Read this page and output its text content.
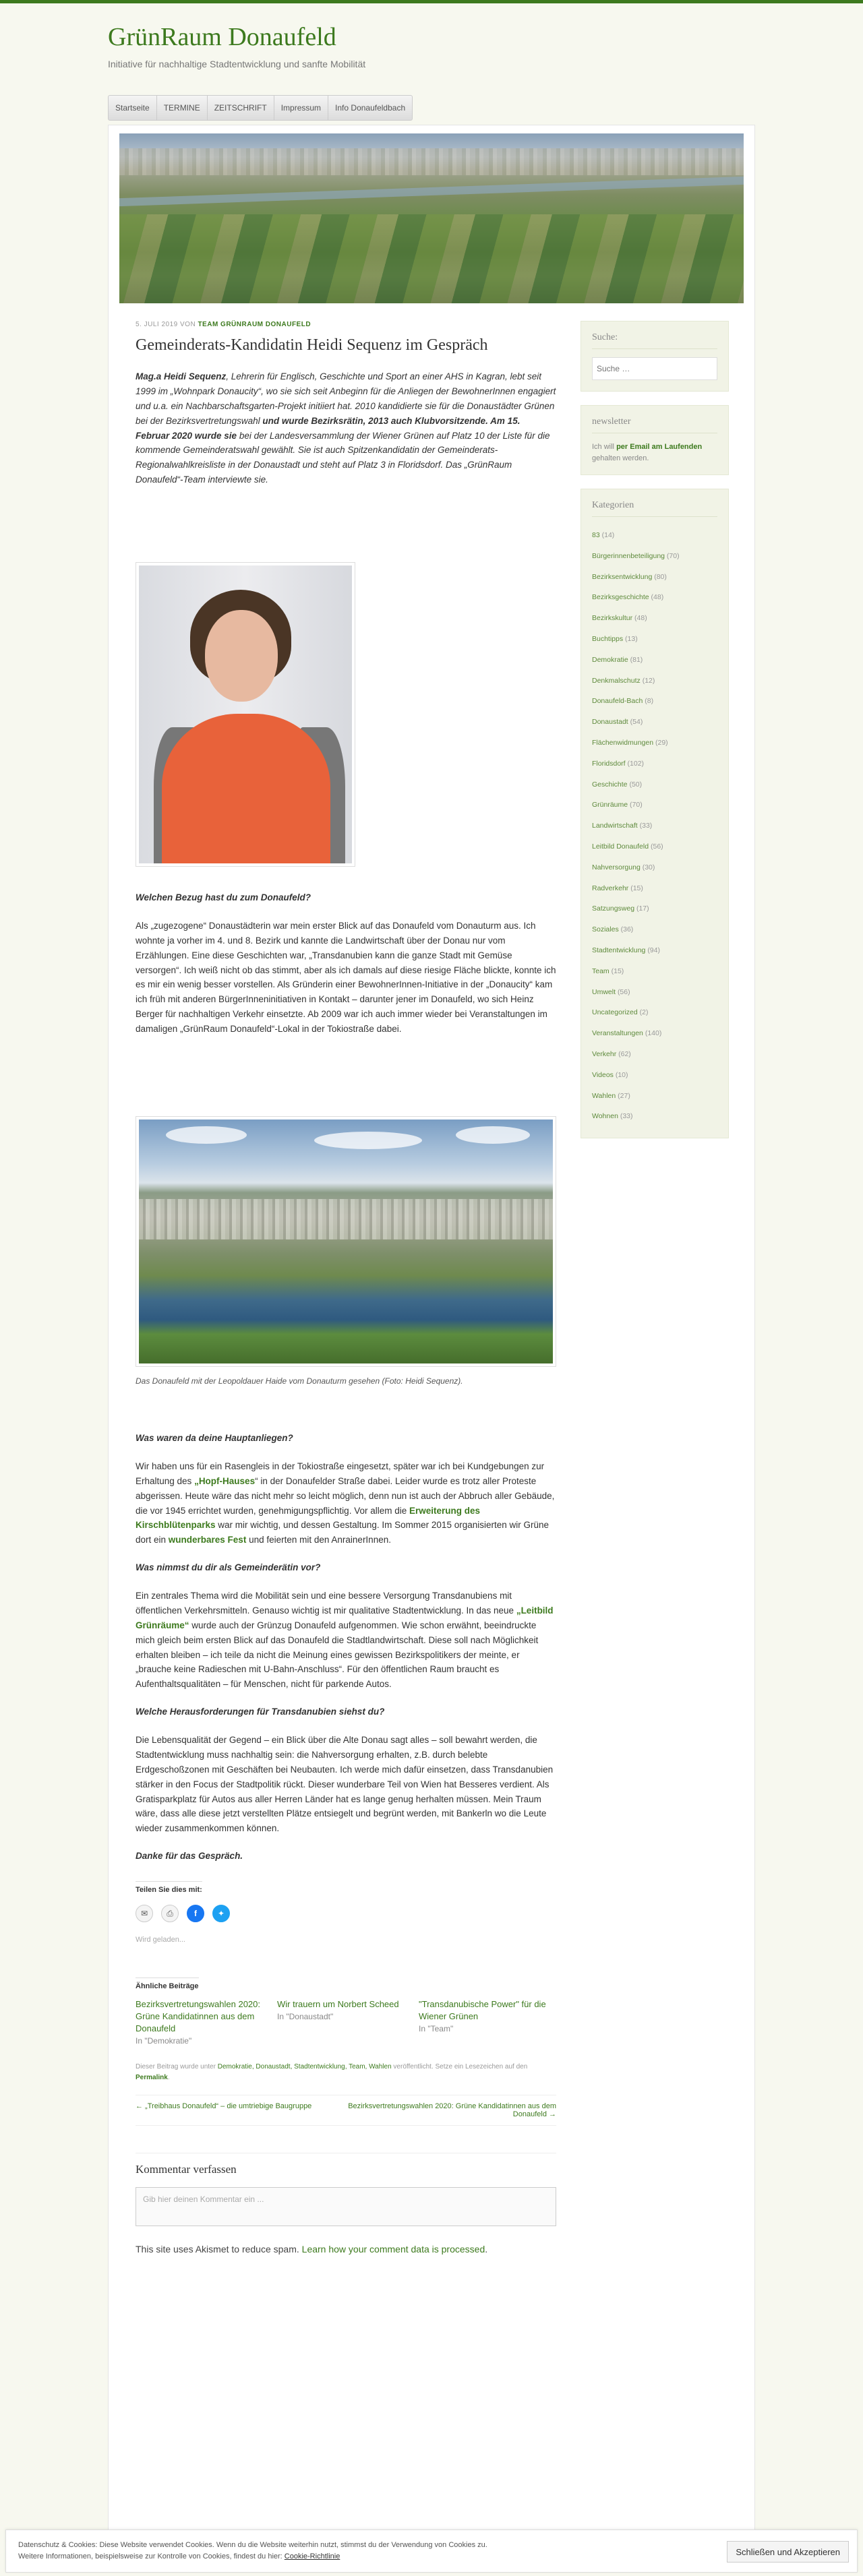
GrünRaum Donaufeld

Initiative für nachhaltige Stadtentwicklung und sanfte Mobilität

Startseite	TERMINE	ZEITSCHRIFT	Impressum	Info Donaufeldbach
5. JULI 2019 VON TEAM GRÜNRAUM DONAUFELD
Gemeinderats-Kandidatin Heidi Sequenz im Gespräch

Mag.a Heidi Sequenz, Lehrerin für Englisch, Geschichte und Sport an einer AHS in Kagran, lebt seit 1999 im „Wohnpark Donaucity“, wo sie sich seit Anbeginn für die Anliegen der BewohnerInnen engagiert und u.a. ein Nachbarschaftsgarten-Projekt initiiert hat. 2010 kandidierte sie für die Donaustädter Grünen bei der Bezirksvertretungswahl und wurde Bezirksrätin, 2013 auch Klubvorsitzende. Am 15. Februar 2020 wurde sie bei der Landesversammlung der Wiener Grünen auf Platz 10 der Liste für die kommende Gemeinderatswahl gewählt. Sie ist auch Spitzenkandidatin der Gemeinderats-Regionalwahlkreisliste in der Donaustadt und steht auf Platz 3 in Floridsdorf. Das „GrünRaum Donaufeld“-Team interviewte sie.

Welchen Bezug hast du zum Donaufeld?

Als „zugezogene“ Donaustädterin war mein erster Blick auf das Donaufeld vom Donauturm aus. Ich wohnte ja vorher im 4. und 8. Bezirk und kannte die Landwirtschaft über der Donau nur vom Erzählungen. Eine diese Geschichten war, „Transdanubien kann die ganze Stadt mit Gemüse versorgen“. Ich weiß nicht ob das stimmt, aber als ich damals auf diese riesige Fläche blickte, konnte ich es mir ein wenig besser vorstellen. Als Gründerin einer BewohnerInnen-Initiative in der „Donaucity“ kam ich früh mit anderen BürgerInneninitiativen in Kontakt – darunter jener im Donaufeld, wo sich Heinz Berger für nachhaltigen Verkehr einsetzte. Ab 2009 war ich auch immer wieder bei Veranstaltungen im damaligen „GrünRaum Donaufeld“-Lokal in der Tokiostraße dabei.

Das Donaufeld mit der Leopoldauer Haide vom Donauturm gesehen (Foto: Heidi Sequenz).

Was waren da deine Hauptanliegen?

Wir haben uns für ein Rasengleis in der Tokiostraße eingesetzt, später war ich bei Kundgebungen zur Erhaltung des „Hopf-Hauses“ in der Donaufelder Straße dabei. Leider wurde es trotz aller Proteste abgerissen. Heute wäre das nicht mehr so leicht möglich, denn nun ist auch der Abbruch aller Gebäude, die vor 1945 errichtet wurden, genehmigungspflichtig. Vor allem die Erweiterung des Kirschblütenparks war mir wichtig, und dessen Gestaltung. Im Sommer 2015 organisierten wir Grüne dort ein wunderbares Fest und feierten mit den AnrainerInnen.

Was nimmst du dir als Gemeinderätin vor?

Ein zentrales Thema wird die Mobilität sein und eine bessere Versorgung Transdanubiens mit öffentlichen Verkehrsmitteln. Genauso wichtig ist mir qualitative Stadtentwicklung. In das neue „Leitbild Grünräume“ wurde auch der Grünzug Donaufeld aufgenommen. Wie schon erwähnt, beeindruckte mich gleich beim ersten Blick auf das Donaufeld die Stadtlandwirtschaft. Diese soll nach Möglichkeit erhalten bleiben – ich teile da nicht die Meinung eines gewissen Bezirkspolitikers der meinte, er „brauche keine Radieschen mit U-Bahn-Anschluss“. Für den öffentlichen Raum braucht es Aufenthaltsqualitäten – für Menschen, nicht für parkende Autos.

Welche Herausforderungen für Transdanubien siehst du?

Die Lebensqualität der Gegend – ein Blick über die Alte Donau sagt alles – soll bewahrt werden, die Stadtentwicklung muss nachhaltig sein: die Nahversorgung erhalten, z.B. durch belebte Erdgeschoßzonen mit Geschäften bei Neubauten. Ich werde mich dafür einsetzen, dass Transdanubien stärker in den Focus der Stadtpolitik rückt. Dieser wunderbare Teil von Wien hat Besseres verdient. Als Gratisparkplatz für Autos aus aller Herren Länder hat es lange genug herhalten müssen. Mein Traum wäre, dass alle diese jetzt verstellten Plätze entsiegelt und begrünt werden, mit Bankerln wo die Leute wieder zusammenkommen können.

Danke für das Gespräch.

Teilen Sie dies mit:
✉ ⎙	f	✦

Wird geladen...

Ähnliche Beiträge
Bezirksvertretungswahlen 2020: Grüne Kandidatinnen aus dem Donaufeld

In "Demokratie"

Wir trauern um Norbert Scheed

In "Donaustadt"

"Transdanubische Power" für die Wiener Grünen

In "Team"

Dieser Beitrag wurde unter Demokratie, Donaustadt, Stadtentwicklung, Team, Wahlen veröffentlicht. Setze ein Lesezeichen auf den Permalink.

← „Treibhaus Donaufeld“ – die umtriebige Baugruppe	Bezirksvertretungswahlen 2020: Grüne Kandidatinnen aus dem Donaufeld →
Kommentar verfassen
Gib hier deinen Kommentar ein ...

This site uses Akismet to reduce spam. Learn how your comment data is processed.

Suche:
Suche …
newsletter

Ich will per Email am Laufenden gehalten werden.

Kategorien
83 (14)
Bürgerinnenbeteiligung (70)
Bezirksentwicklung (80)
Bezirksgeschichte (48)
Bezirkskultur (48)
Buchtipps (13)
Demokratie (81)
Denkmalschutz (12)
Donaufeld-Bach (8)
Donaustadt (54)
Flächenwidmungen (29)
Floridsdorf (102)
Geschichte (50)
Grünräume (70)
Landwirtschaft (33)
Leitbild Donaufeld (56)
Nahversorgung (30)
Radverkehr (15)
Satzungsweg (17)
Soziales (36)
Stadtentwicklung (94)
Team (15)
Umwelt (56)
Uncategorized (2)
Veranstaltungen (140)
Verkehr (62)
Videos (10)
Wahlen (27)
Wohnen (33)

Datenschutz & Cookies: Diese Website verwendet Cookies. Wenn du die Website weiterhin nutzt, stimmst du der Verwendung von Cookies zu.
Weitere Informationen, beispielsweise zur Kontrolle von Cookies, findest du hier: Cookie-Richtlinie	Schließen und Akzeptieren
